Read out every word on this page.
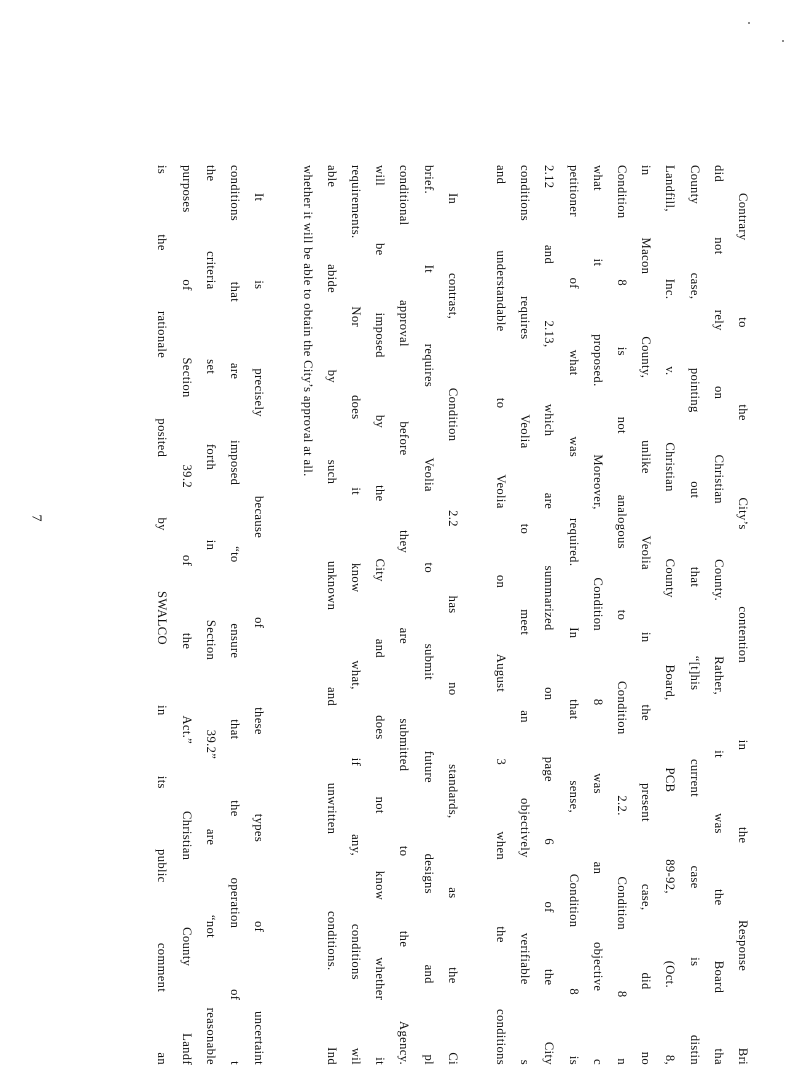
Contrary to the City’s contention in the Response Bri
did not rely on Christian County. Rather, it was the Board tha
County case, pointing out that “[t]his current case is distin
Landfill, Inc. v. Christian County Board, PCB 89-92, (Oct. 8,
in Macon County, unlike Veolia in the present case, did no
Condition 8 is not analogous to Condition 2.2. Condition 8 n
what it proposed. Moreover, Condition 8 was an objective c
petitioner of what was required. In that sense, Condition 8 is
2.12 and 2.13, which are summarized on page 6 of the City
conditions requires Veolia to meet an objectively verifiable s
and understandable to Veolia on August 3 when the conditions
In contrast, Condition 2.2 has no standards, as the Ci
brief. It requires Veolia to submit future designs and pl
conditional approval before they are submitted to the Agency.
will be imposed by the City and does not know whether it
requirements. Nor does it know what, if any, conditions wil
able abide by such unknown and unwritten conditions. Ind
whether it will be able to obtain the City’s approval at all.
It is precisely because of these types of uncertaint
conditions that are imposed “to ensure that the operation of t
the criteria set forth in Section 39.2” are “not reasonable
purposes of Section 39.2 of the Act.” Christian County Landf
is the rationale posited by SWALCO in its public comment an
7
